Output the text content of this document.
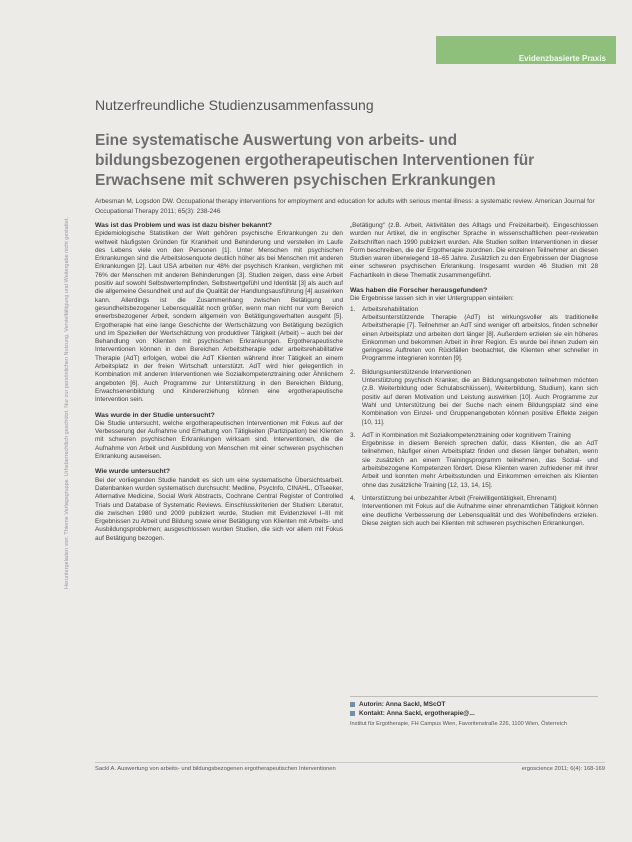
Evidenzbasierte Praxis
Heruntergeladen von: Thieme Verlagsgruppe. Urheberrechtlich geschützt. Nur zur persönlichen Nutzung. Vervielfältigung und Weitergabe nicht gestattet.
Nutzerfreundliche Studienzusammenfassung
Eine systematische Auswertung von arbeits- und bildungsbezogenen ergotherapeutischen Interventionen für Erwachsene mit schweren psychischen Erkrankungen
Arbesman M, Logsdon DW. Occupational therapy interventions for employment and education for adults with serious mental illness: a systematic review. American Journal for Occupational Therapy 2011; 65(3): 238-246
Was ist das Problem und was ist dazu bisher bekannt?

Epidemiologische Statistiken der Welt gehören psychische Erkrankungen zu den weltweit häufigsten Gründen für Krankheit und Behinderung und verstellen im Laufe des Lebens viele von den Personen [1]. Unter Menschen mit psychischen Erkrankungen sind die Arbeitslosenquote deutlich höher als bei Menschen mit anderen Erkrankungen [2]. Laut USA arbeiten nur 48% der psychisch Kranken, verglichen mit 76% der Menschen mit anderen Behinderungen [3]. Studien zeigen, dass eine Arbeit positiv auf sowohl Selbstwertempfinden, Selbstwertgefühl und Identität [3] als auch auf die allgemeine Gesundheit und auf die Qualität der Handlungsausführung [4] auswirken kann. Allerdings ist die Zusammenhang zwischen Betätigung und gesundheitsbezogener Lebensqualität noch größer, wenn man nicht nur vom Bereich erwerbsbezogener Arbeit, sondern allgemein von Betätigungsverhalten ausgeht [5]. Ergotherapie hat eine lange Geschichte der Wertschätzung von Betätigung bezüglich und im Speziellen der Wertschätzung von produktiver Tätigkeit (Arbeit) – auch bei der Behandlung von Klienten mit psychischen Erkrankungen. Ergotherapeutische Interventionen können in den Bereichen Arbeitstherapie oder arbeitsrehabilitative Therapie (AdT) erfolgen, wobei die AdT Klienten während ihrer Tätigkeit an einem Arbeitsplatz in der freien Wirtschaft unterstützt. AdT wird hier gelegentlich in Kombination mit anderen Interventionen wie Sozialkompetenztraining oder Ähnlichem angeboten [6]. Auch Programme zur Unterstützung in den Bereichen Bildung, Erwachsenenbildung und Kindererziehung können eine ergotherapeutische Intervention sein.

Was wurde in der Studie untersucht?

Die Studie untersucht, welche ergotherapeutischen Interventionen mit Fokus auf der Verbesserung der Aufnahme und Erhaltung von Tätigkeiten (Partizipation) bei Klienten mit schweren psychischen Erkrankungen wirksam sind. Interventionen, die die Aufnahme von Arbeit und Ausbildung von Menschen mit einer schweren psychischen Erkrankung ausweisen.

Wie wurde untersucht?

Bei der vorliegenden Studie handelt es sich um eine systematische Übersichtsarbeit. Datenbanken wurden systematisch durchsucht: Medline, PsycInfo, CINAHL, OTseeker, Alternative Medicine, Social Work Abstracts, Cochrane Central Register of Controlled Trials und Database of Systematic Reviews. Einschlusskriterien der Studien: Literatur, die zwischen 1980 und 2009 publiziert wurde, Studien mit Evidenzlevel I–III mit Ergebnissen zu Arbeit und Bildung sowie einer Betätigung von Klienten mit Arbeits- und Ausbildungsproblemen; ausgeschlossen wurden Studien, die sich vor allem mit Fokus auf Betätigung bezogen.

„Betätigung“ (z.B. Arbeit, Aktivitäten des Alltags und Freizeitarbeit). Eingeschlossen wurden nur Artikel, die in englischer Sprache in wissenschaftlichen peer-reviewten Zeitschriften nach 1990 publiziert wurden. Alle Studien sollten Interventionen in dieser Form beschreiben, die der Ergotherapie zuordnen. Die einzelnen Teilnehmer an diesen Studien waren überwiegend 18–65 Jahre. Zusätzlich zu den Ergebnissen der Diagnose einer schweren psychischen Erkrankung. Insgesamt wurden 46 Studien mit 28 Fachartikeln in diese Thematik zusammengeführt.

Was haben die Forscher herausgefunden?

Die Ergebnisse lassen sich in vier Untergruppen einteilen:

1. Arbeitsrehabilitation
Arbeitsunterstützende Therapie (AdT) ist wirkungsvoller als traditionelle Arbeitstherapie [7]. Teilnehmer an AdT sind weniger oft arbeitslos, finden schneller einen Arbeitsplatz und arbeiten dort länger [8]. Außerdem erzielen sie ein höheres Einkommen und bekommen Arbeit in ihrer Region. Es wurde bei ihnen zudem ein geringeres Auftreten von Rückfällen beobachtet, die Klienten eher schneller in Programme integrieren konnten [9].
2. Bildungsunterstützende Interventionen
Unterstützung psychisch Kranker, die an Bildungsangeboten teilnehmen möchten (z.B. Weiterbildung oder Schulabschlüssen), Weiterbildung, Studium), kann sich positiv auf deren Motivation und Leistung auswirken [10]. Auch Programme zur Wahl und Unterstützung bei der Suche nach einem Bildungsplatz sind eine Kombination von Einzel- und Gruppenangeboten können positive Effekte zeigen [10, 11].
3. AdT in Kombination mit Sozialkompetenztraining oder kognitivem Training
Ergebnisse in diesem Bereich sprechen dafür, dass Klienten, die an AdT teilnehmen, häufiger einen Arbeitsplatz finden und diesen länger behalten, wenn sie zusätzlich an einem Trainingsprogramm teilnehmen, das Sozial- und arbeitsbezogene Kompetenzen fördert. Diese Klienten waren zufriedener mit ihrer Arbeit und konnten mehr Arbeitsstunden und Einkommen erreichen als Klienten ohne das zusätzliche Training [12, 13, 14, 15].
4. Unterstützung bei unbezahlter Arbeit (Freiwilligentätigkeit, Ehrenamt)
Interventionen mit Fokus auf die Aufnahme einer ehrenamtlichen Tätigkeit können eine deutliche Verbesserung der Lebensqualität und des Wohlbefindens erzielen. Diese zeigten sich auch bei Klienten mit schweren psychischen Erkrankungen.
Autorin: Anna Sackl, MScOT
Kontakt: Anna Sackl, ergotherapie@...
Institut für Ergotherapie, FH Campus Wien, Favoritenstraße 226, 1100 Wien, Österreich
Sackl A. Auswertung von arbeits- und bildungsbezogenen ergotherapeutischen Interventionen	ergoscience 2011; 6(4): 168-169
